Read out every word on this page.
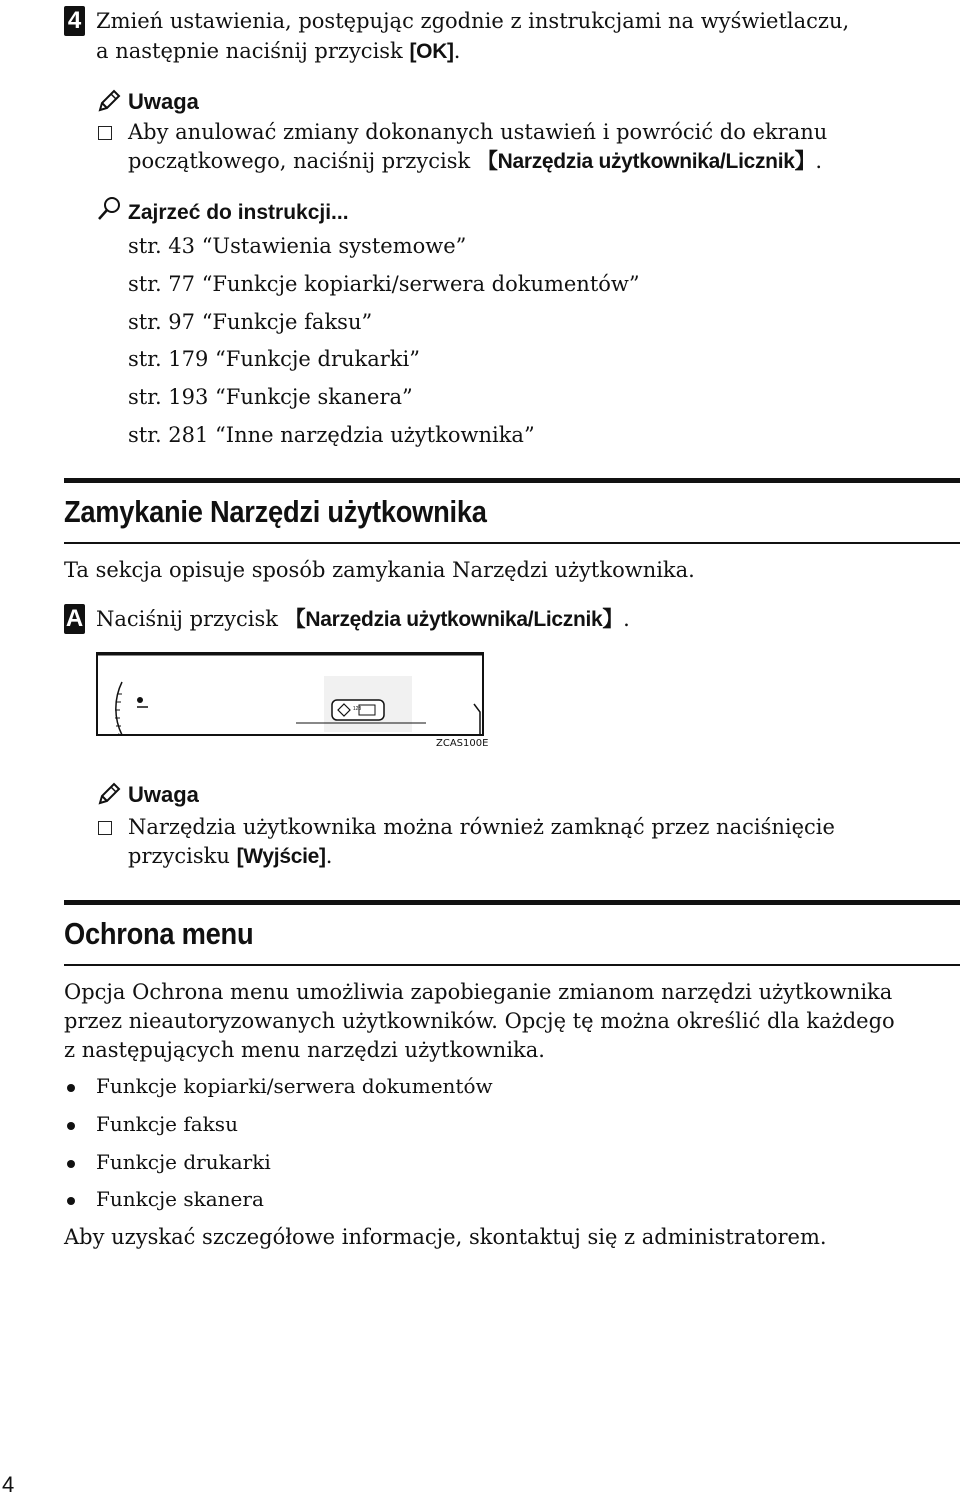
4 Zmień ustawienia, postępując zgodnie z instrukcjami na wyświetlaczu,
a następnie naciśnij przycisk [OK].
Uwaga
Aby anulować zmiany dokonanych ustawień i powrócić do ekranu
początkowego, naciśnij przycisk 【Narzędzia użytkownika/Licznik】.
Zajrzeć do instrukcji...
str. 43 “Ustawienia systemowe”
str. 77 “Funkcje kopiarki/serwera dokumentów”
str. 97 “Funkcje faksu”
str. 179 “Funkcje drukarki”
str. 193 “Funkcje skanera”
str. 281 “Inne narzędzia użytkownika”
Zamykanie Narzędzi użytkownika
Ta sekcja opisuje sposób zamykania Narzędzi użytkownika.
A Naciśnij przycisk 【Narzędzia użytkownika/Licznik】.
123
ZCAS100E
Uwaga
Narzędzia użytkownika można również zamknąć przez naciśnięcie
przycisku [Wyjście].
Ochrona menu
Opcja Ochrona menu umożliwia zapobieganie zmianom narzędzi użytkownika
przez nieautoryzowanych użytkowników. Opcję tę można określić dla każdego
z następujących menu narzędzi użytkownika.
Funkcje kopiarki/serwera dokumentów
Funkcje faksu
Funkcje drukarki
Funkcje skanera
Aby uzyskać szczegółowe informacje, skontaktuj się z administratorem.
4
